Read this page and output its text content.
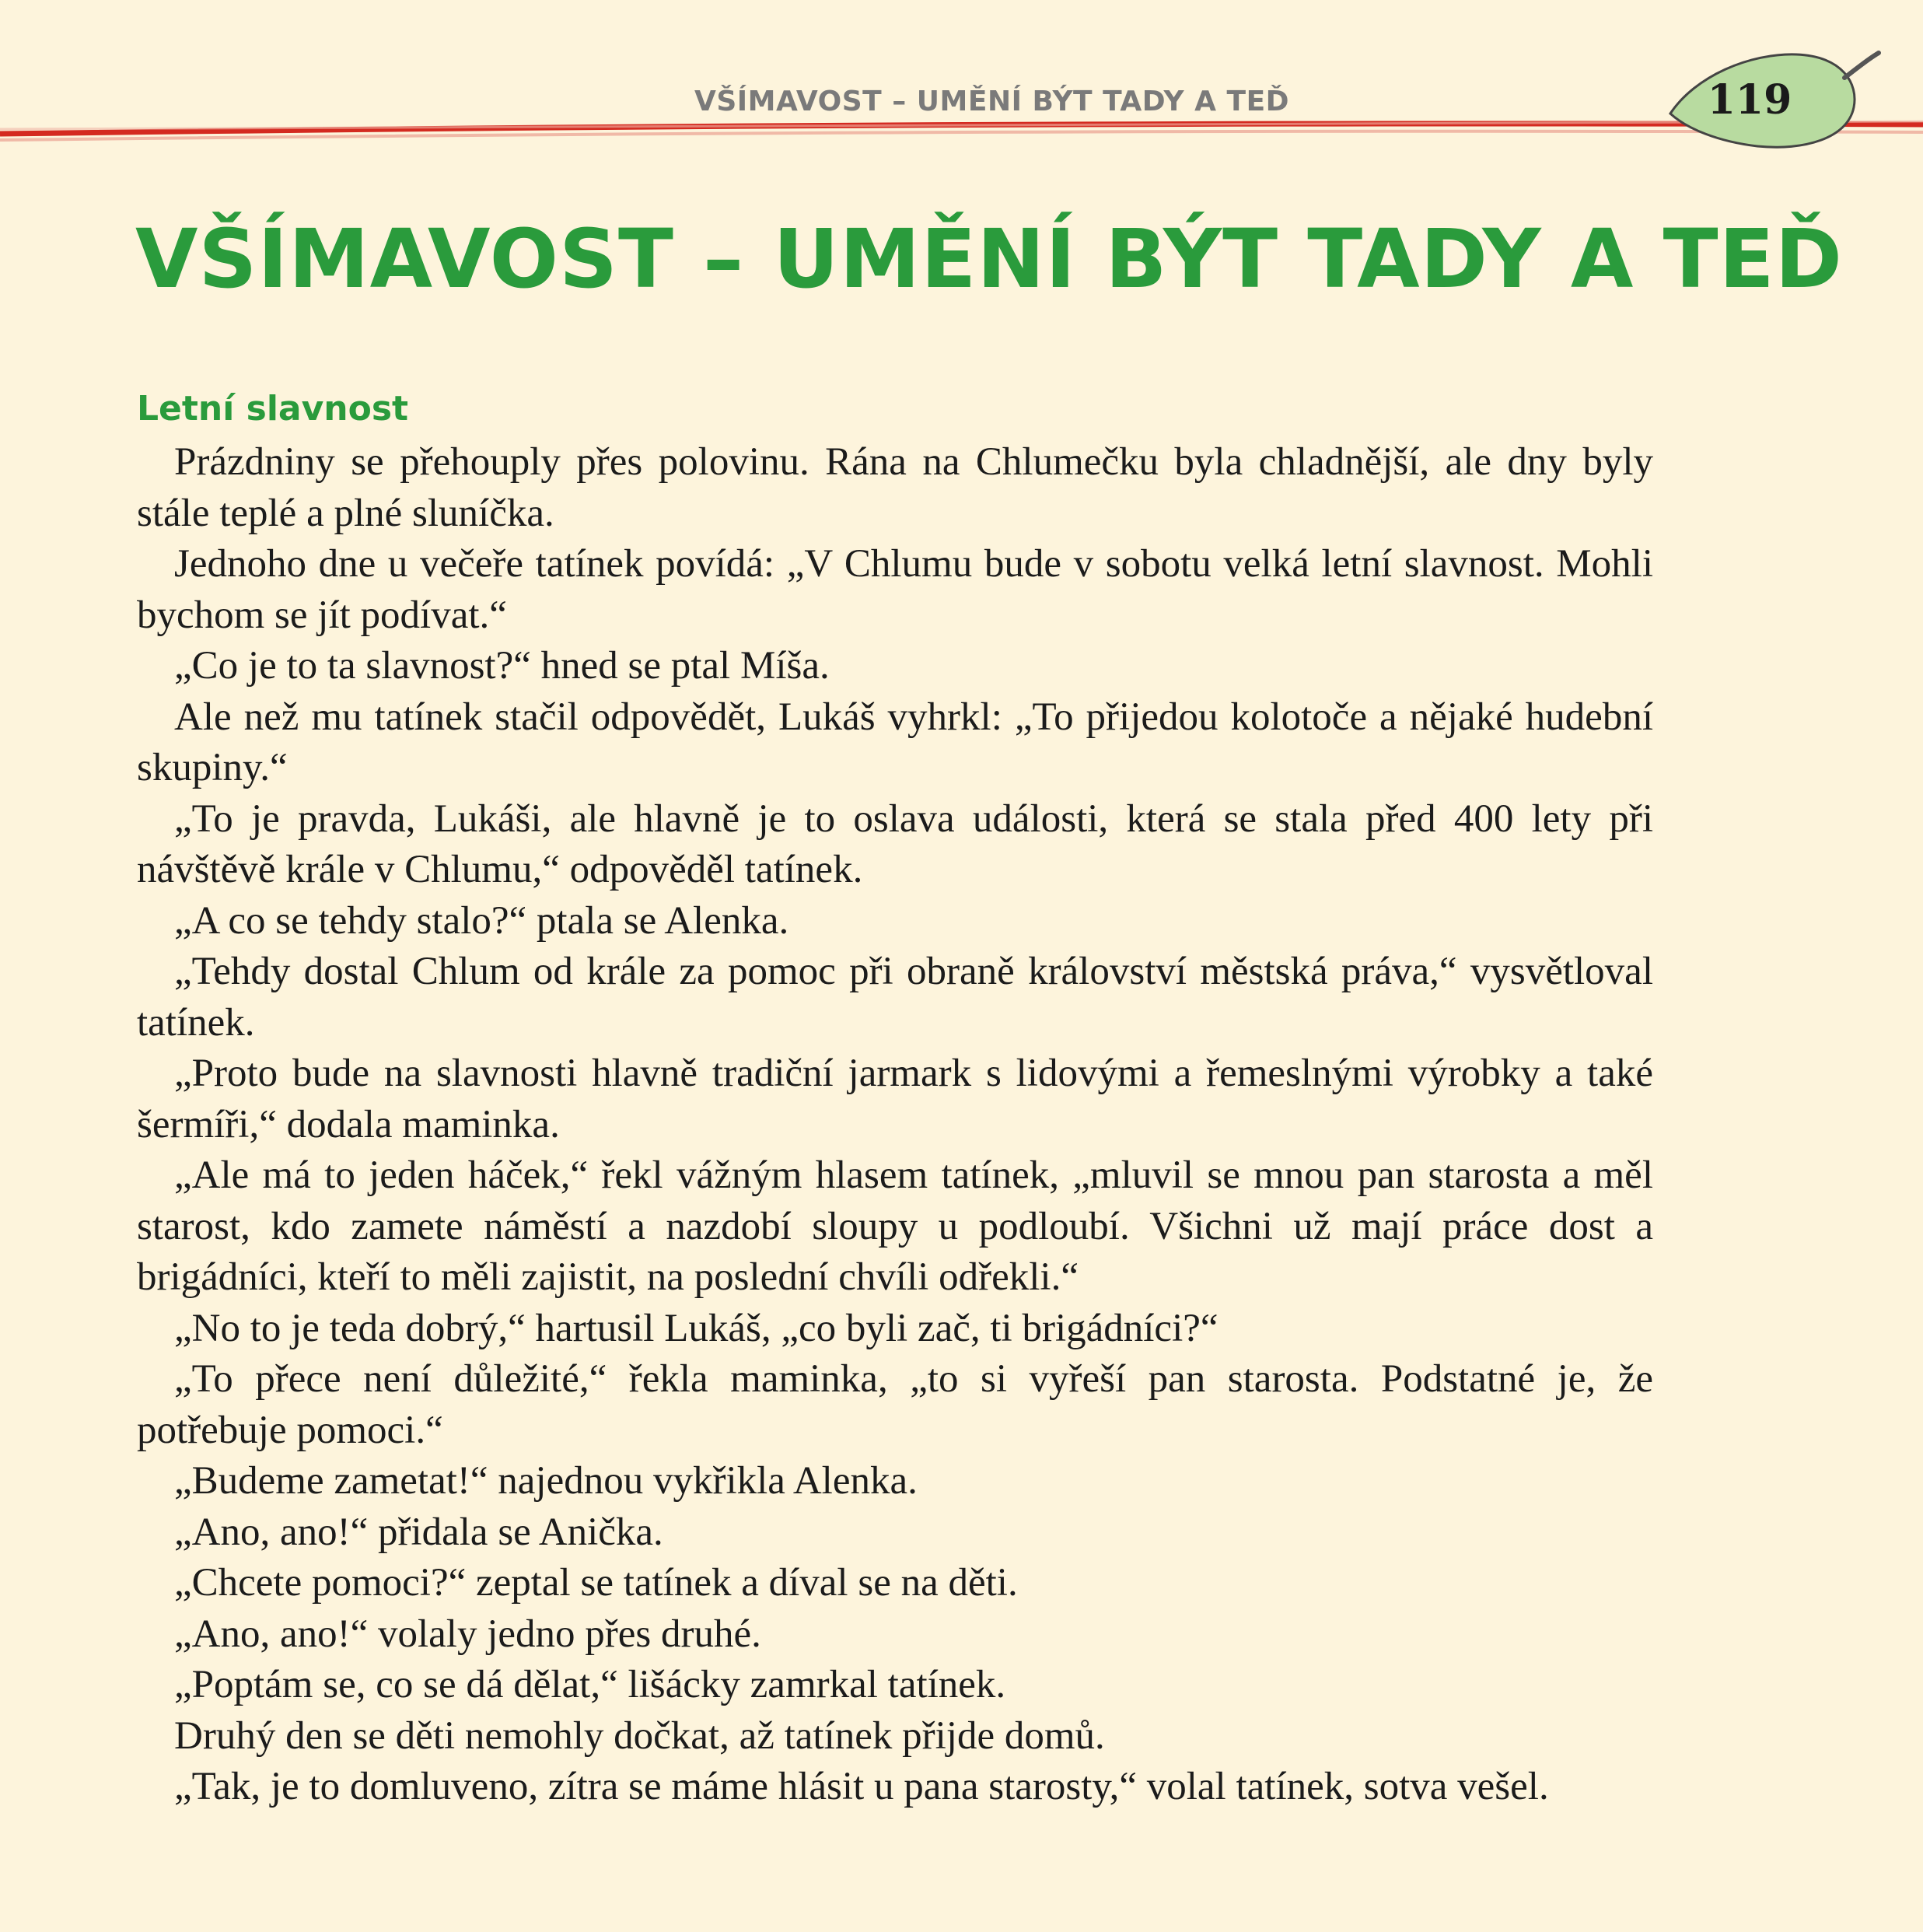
VŠÍMAVOST – UMĚNÍ BÝT TADY A TEĎ	119
VŠÍMAVOST – UMĚNÍ BÝT TADY A TEĎ
Letní slavnost

Prázdniny se přehouply přes polovinu. Rána na Chlumečku byla chladnější, ale dny byly stále teplé a plné sluníčka.

Jednoho dne u večeře tatínek povídá: „V Chlumu bude v sobotu velká letní slavnost. Mohli bychom se jít podívat.“

„Co je to ta slavnost?“ hned se ptal Míša.

Ale než mu tatínek stačil odpovědět, Lukáš vyhrkl: „To přijedou kolotoče a nějaké hudební skupiny.“

„To je pravda, Lukáši, ale hlavně je to oslava události, která se stala před 400 lety při návštěvě krále v Chlumu,“ odpověděl tatínek.

„A co se tehdy stalo?“ ptala se Alenka.

„Tehdy dostal Chlum od krále za pomoc při obraně království městská práva,“ vysvětloval tatínek.

„Proto bude na slavnosti hlavně tradiční jarmark s lidovými a řemeslnými výrobky a také šermíři,“ dodala maminka.

„Ale má to jeden háček,“ řekl vážným hlasem tatínek, „mluvil se mnou pan starosta a měl starost, kdo zamete náměstí a nazdobí sloupy u podloubí. Všichni už mají práce dost a brigádníci, kteří to měli zajistit, na poslední chvíli odřekli.“

„No to je teda dobrý,“ hartusil Lukáš, „co byli zač, ti brigádníci?“

„To přece není důležité,“ řekla maminka, „to si vyřeší pan starosta. Podstatné je, že potřebuje pomoci.“

„Budeme zametat!“ najednou vykřikla Alenka.

„Ano, ano!“ přidala se Anička.

„Chcete pomoci?“ zeptal se tatínek a díval se na děti.

„Ano, ano!“ volaly jedno přes druhé.

„Poptám se, co se dá dělat,“ lišácky zamrkal tatínek.

Druhý den se děti nemohly dočkat, až tatínek přijde domů.

„Tak, je to domluveno, zítra se máme hlásit u pana starosty,“ volal tatínek, sotva vešel.
